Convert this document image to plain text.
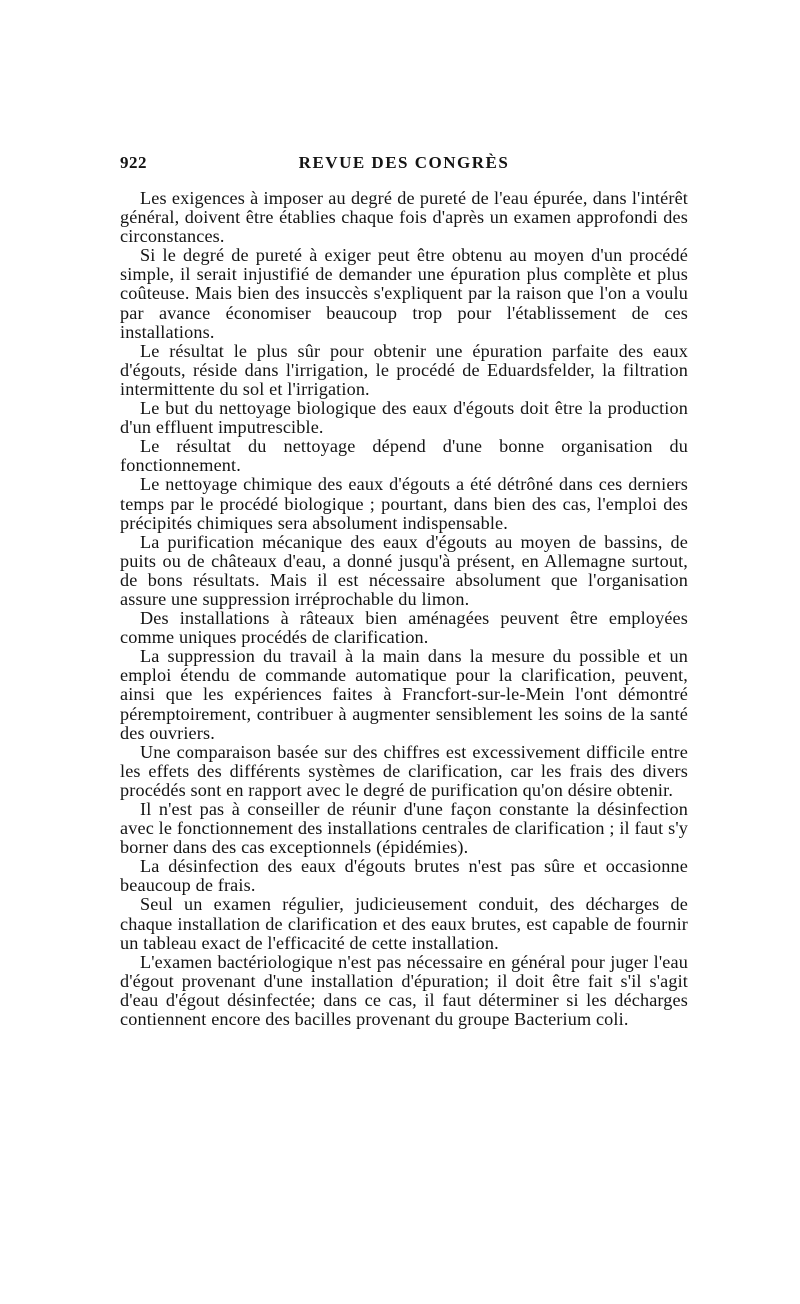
922	REVUE DES CONGRÈS

Les exigences à imposer au degré de pureté de l'eau épurée, dans l'intérêt général, doivent être établies chaque fois d'après un examen approfondi des circonstances.

Si le degré de pureté à exiger peut être obtenu au moyen d'un procédé simple, il serait injustifié de demander une épuration plus complète et plus coûteuse. Mais bien des insuccès s'expliquent par la raison que l'on a voulu par avance économiser beaucoup trop pour l'établissement de ces installations.

Le résultat le plus sûr pour obtenir une épuration parfaite des eaux d'égouts, réside dans l'irrigation, le procédé de Eduardsfelder, la filtration intermittente du sol et l'irrigation.

Le but du nettoyage biologique des eaux d'égouts doit être la production d'un effluent imputrescible.

Le résultat du nettoyage dépend d'une bonne organisation du fonctionnement.

Le nettoyage chimique des eaux d'égouts a été détrôné dans ces derniers temps par le procédé biologique ; pourtant, dans bien des cas, l'emploi des précipités chimiques sera absolument indispensable.

La purification mécanique des eaux d'égouts au moyen de bassins, de puits ou de châteaux d'eau, a donné jusqu'à présent, en Allemagne surtout, de bons résultats. Mais il est nécessaire absolument que l'organisation assure une suppression irréprochable du limon.

Des installations à râteaux bien aménagées peuvent être employées comme uniques procédés de clarification.

La suppression du travail à la main dans la mesure du possible et un emploi étendu de commande automatique pour la clarification, peuvent, ainsi que les expériences faites à Francfort-sur-le-Mein l'ont démontré péremptoirement, contribuer à augmenter sensiblement les soins de la santé des ouvriers.

Une comparaison basée sur des chiffres est excessivement difficile entre les effets des différents systèmes de clarification, car les frais des divers procédés sont en rapport avec le degré de purification qu'on désire obtenir.

Il n'est pas à conseiller de réunir d'une façon constante la désinfection avec le fonctionnement des installations centrales de clarification ; il faut s'y borner dans des cas exceptionnels (épidémies).

La désinfection des eaux d'égouts brutes n'est pas sûre et occasionne beaucoup de frais.

Seul un examen régulier, judicieusement conduit, des décharges de chaque installation de clarification et des eaux brutes, est capable de fournir un tableau exact de l'efficacité de cette installation.

L'examen bactériologique n'est pas nécessaire en général pour juger l'eau d'égout provenant d'une installation d'épuration; il doit être fait s'il s'agit d'eau d'égout désinfectée; dans ce cas, il faut déterminer si les décharges contiennent encore des bacilles provenant du groupe Bacterium coli.
